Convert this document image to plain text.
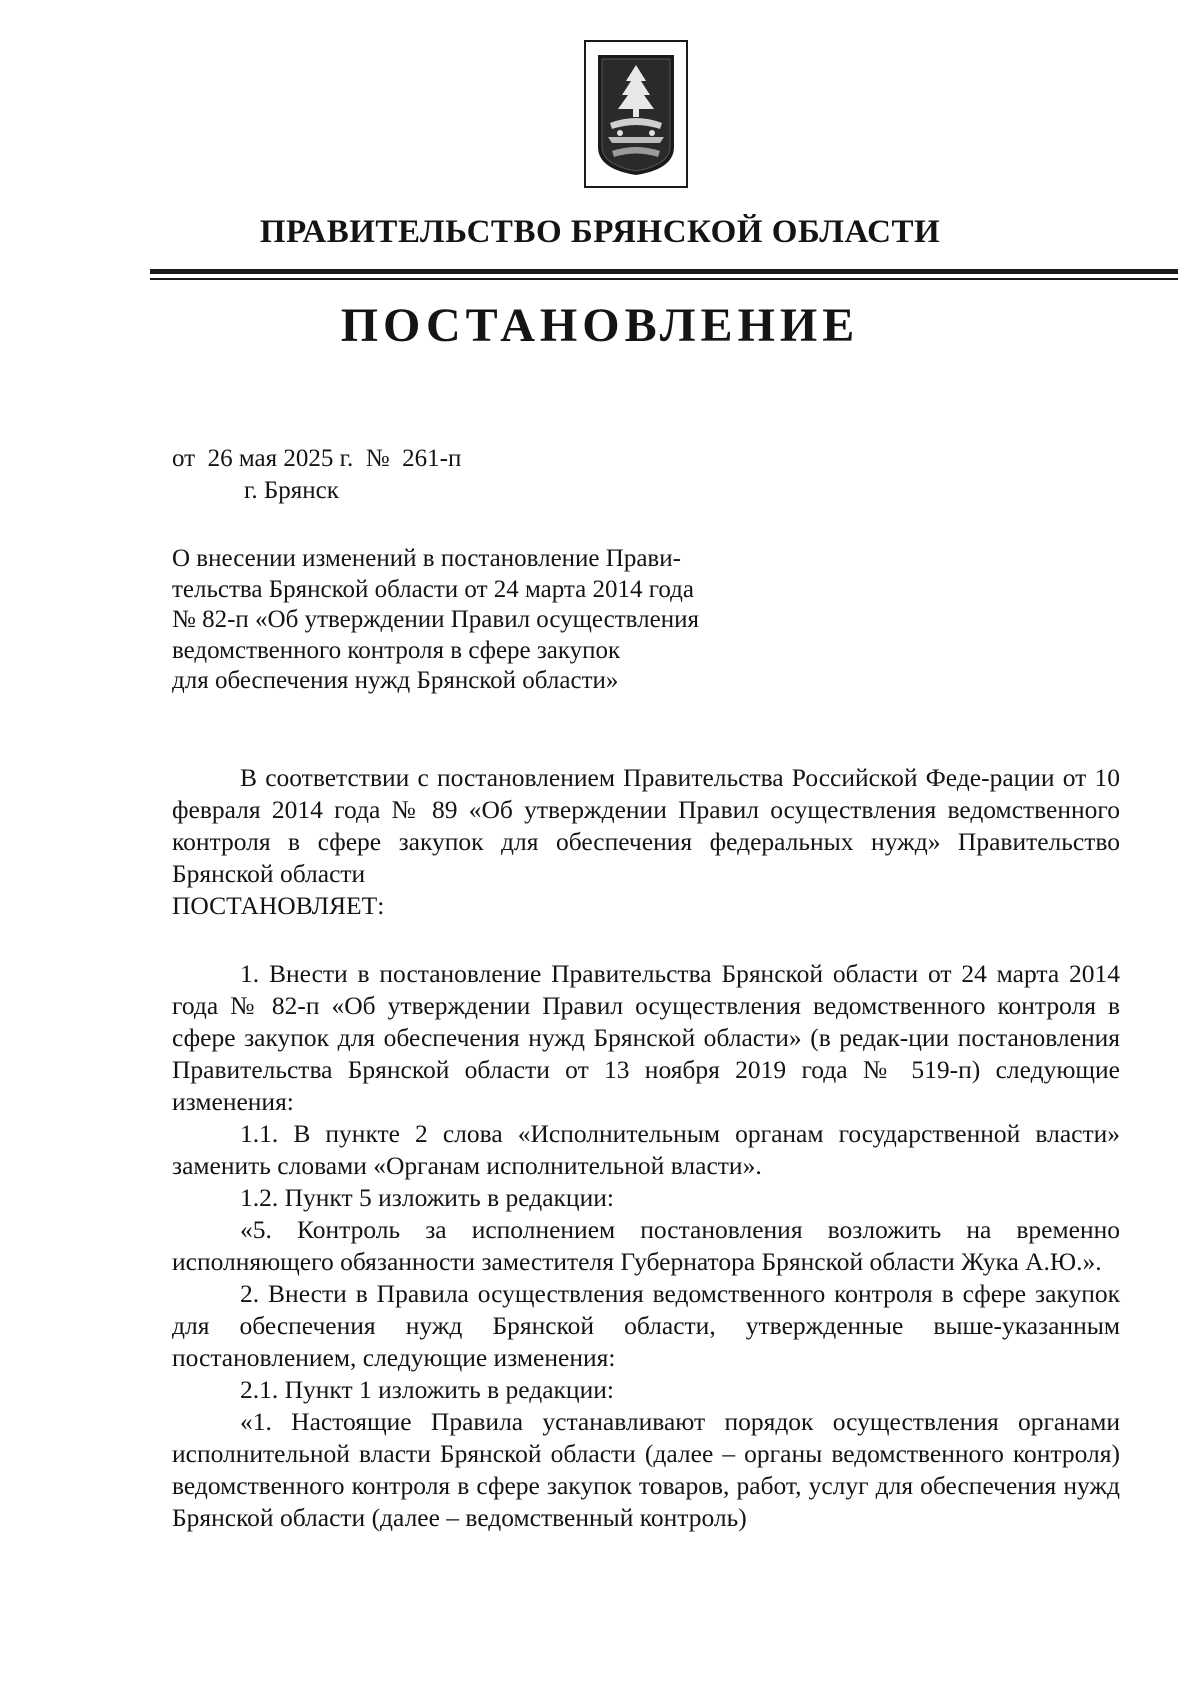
ПРАВИТЕЛЬСТВО БРЯНСКОЙ ОБЛАСТИ
ПОСТАНОВЛЕНИЕ
от  26 мая 2025 г.  №  261-п
г. Брянск

О внесении изменений в постановление Прави-

тельства Брянской области от 24 марта 2014 года

№ 82-п «Об утверждении Правил осуществления

ведомственного контроля в сфере закупок

для обеспечения нужд Брянской области»

В соответствии с постановлением Правительства Российской Феде-рации от 10 февраля 2014 года № 89 «Об утверждении Правил осуществления ведомственного контроля в сфере закупок для обеспечения федеральных нужд» Правительство Брянской области

ПОСТАНОВЛЯЕТ:

1. Внести в постановление Правительства Брянской области от 24 марта 2014 года № 82-п «Об утверждении Правил осуществления ведомственного контроля в сфере закупок для обеспечения нужд Брянской области» (в редак-ции постановления Правительства Брянской области от 13 ноября 2019 года № 519-п) следующие изменения:

1.1. В пункте 2 слова «Исполнительным органам государственной власти» заменить словами «Органам исполнительной власти».

1.2. Пункт 5 изложить в редакции:

«5. Контроль за исполнением постановления возложить на временно исполняющего обязанности заместителя Губернатора Брянской области Жука А.Ю.».

2. Внести в Правила осуществления ведомственного контроля в сфере закупок для обеспечения нужд Брянской области, утвержденные выше-указанным постановлением, следующие изменения:

2.1. Пункт 1 изложить в редакции:

«1. Настоящие Правила устанавливают порядок осуществления органами исполнительной власти Брянской области (далее – органы ведомственного контроля) ведомственного контроля в сфере закупок товаров, работ, услуг для обеспечения нужд Брянской области (далее – ведомственный контроль)
